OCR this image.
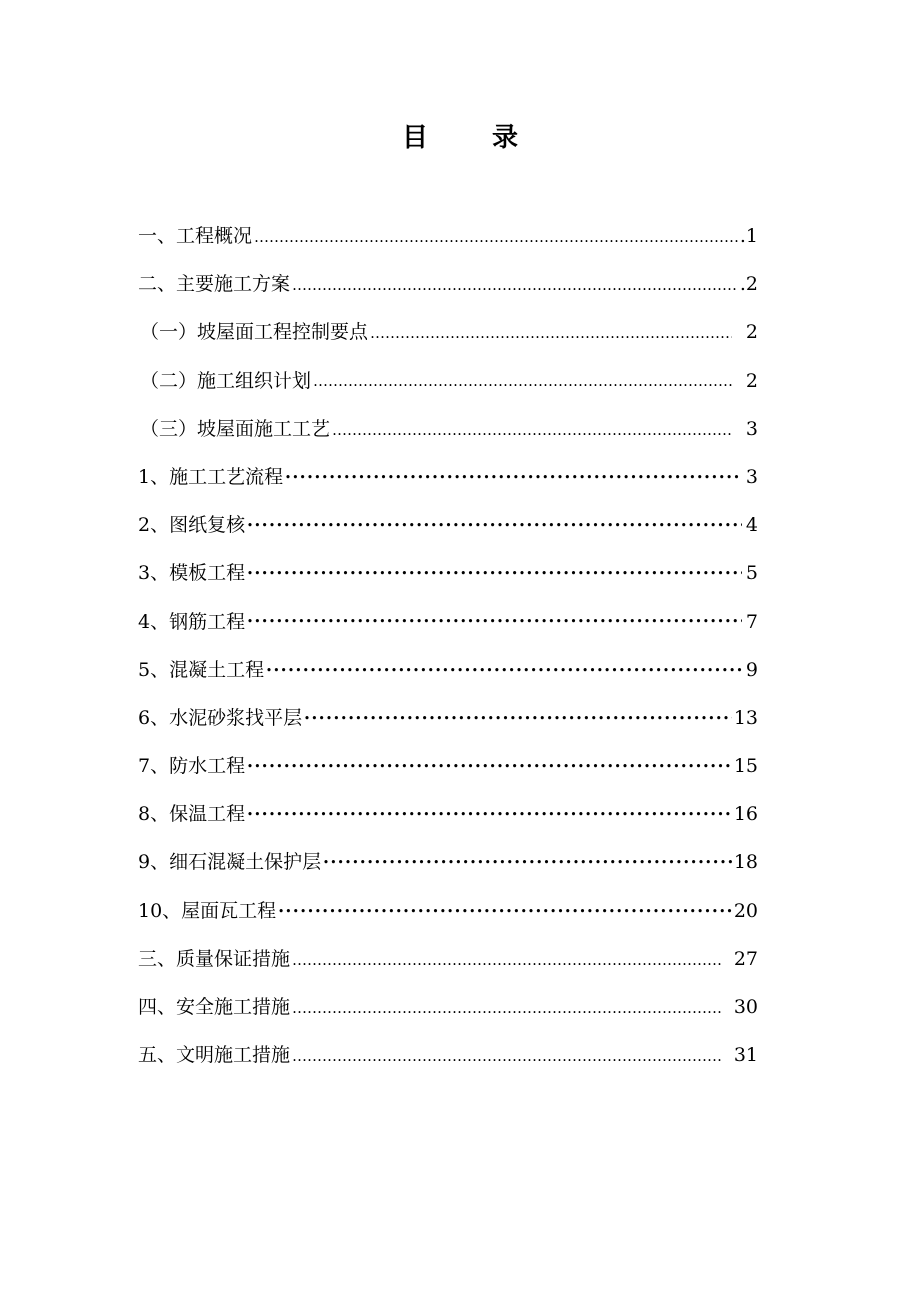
目 录
一、工程概况 …………………………………………………………………………………………………………………………	.1
二、主要施工方案 …………………………………………………………………………………………………………………………	.2
（一）坡屋面工程控制要点 …………………………………………………………………………………………………………………………	2
（二）施工组织计划 …………………………………………………………………………………………………………………………	2
（三）坡屋面施工工艺 …………………………………………………………………………………………………………………………	3
1、施工工艺流程 •••••	3
2、图纸复核 •••••	4
3、模板工程 •••••	5
4、钢筋工程 •••••	7
5、混凝土工程 •••••	9
6、水泥砂浆找平层 •••••	13
7、防水工程 •••••	15
8、保温工程 •••••	16
9、细石混凝土保护层 •••••	18
10、屋面瓦工程 •••••	20
三、质量保证措施 …………………………………………………………………………………………………………………………	27
四、安全施工措施 …………………………………………………………………………………………………………………………	30
五、文明施工措施 …………………………………………………………………………………………………………………………	31
